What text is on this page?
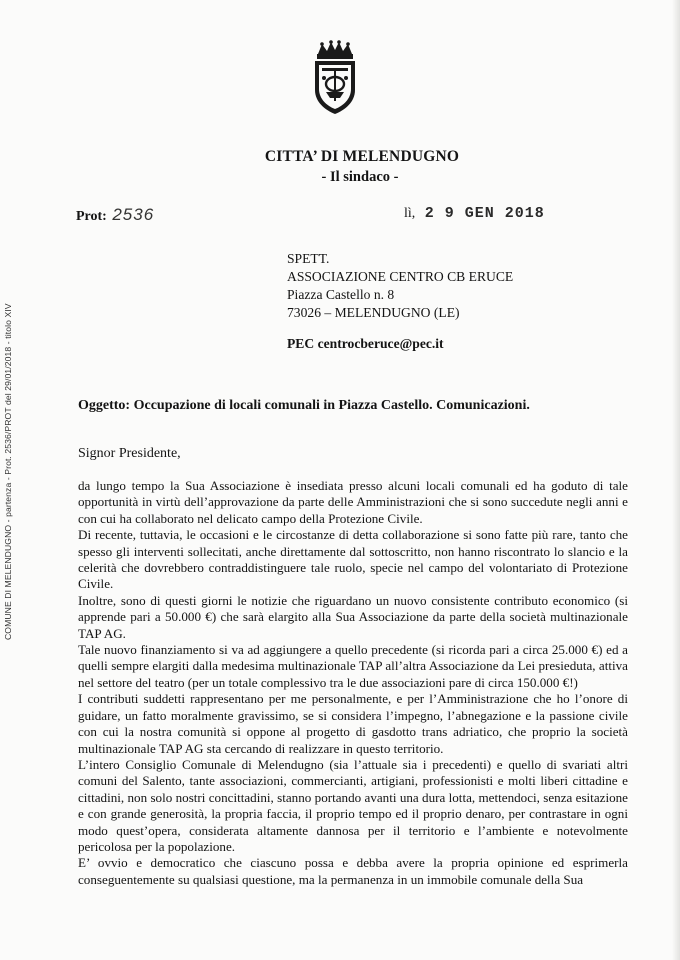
COMUNE DI MELENDUGNO - partenza - Prot. 2536/PROT del 29/01/2018 - titolo XIV
CITTA’ DI MELENDUGNO
- Il sindaco -
Prot: 2536	lì, 2 9 GEN 2018
SPETT.
ASSOCIAZIONE CENTRO CB ERUCE
Piazza Castello n. 8
73026 – MELENDUGNO (LE)
PEC centrocberuce@pec.it
Oggetto: Occupazione di locali comunali in Piazza Castello. Comunicazioni.
Signor Presidente,

da lungo tempo la Sua Associazione è insediata presso alcuni locali comunali ed ha goduto di tale opportunità in virtù dell’approvazione da parte delle Amministrazioni che si sono succedute negli anni e con cui ha collaborato nel delicato campo della Protezione Civile.

Di recente, tuttavia, le occasioni e le circostanze di detta collaborazione si sono fatte più rare, tanto che spesso gli interventi sollecitati, anche direttamente dal sottoscritto, non hanno riscontrato lo slancio e la celerità che dovrebbero contraddistinguere tale ruolo, specie nel campo del volontariato di Protezione Civile.

Inoltre, sono di questi giorni le notizie che riguardano un nuovo consistente contributo economico (si apprende pari a 50.000 €) che sarà elargito alla Sua Associazione da parte della società multinazionale TAP AG.

Tale nuovo finanziamento si va ad aggiungere a quello precedente (si ricorda pari a circa 25.000 €) ed a quelli sempre elargiti dalla medesima multinazionale TAP all’altra Associazione da Lei presieduta, attiva nel settore del teatro (per un totale complessivo tra le due associazioni pare di circa 150.000 €!)

I contributi suddetti rappresentano per me personalmente, e per l’Amministrazione che ho l’onore di guidare, un fatto moralmente gravissimo, se si considera l’impegno, l’abnegazione e la passione civile con cui la nostra comunità si oppone al progetto di gasdotto trans adriatico, che proprio la società multinazionale TAP AG sta cercando di realizzare in questo territorio.

L’intero Consiglio Comunale di Melendugno (sia l’attuale sia i precedenti) e quello di svariati altri comuni del Salento, tante associazioni, commercianti, artigiani, professionisti e molti liberi cittadine e cittadini, non solo nostri concittadini, stanno portando avanti una dura lotta, mettendoci, senza esitazione e con grande generosità, la propria faccia, il proprio tempo ed il proprio denaro, per contrastare in ogni modo quest’opera, considerata altamente dannosa per il territorio e l’ambiente e notevolmente pericolosa per la popolazione.

E’ ovvio e democratico che ciascuno possa e debba avere la propria opinione ed esprimerla conseguentemente su qualsiasi questione, ma la permanenza in un immobile comunale della Sua
